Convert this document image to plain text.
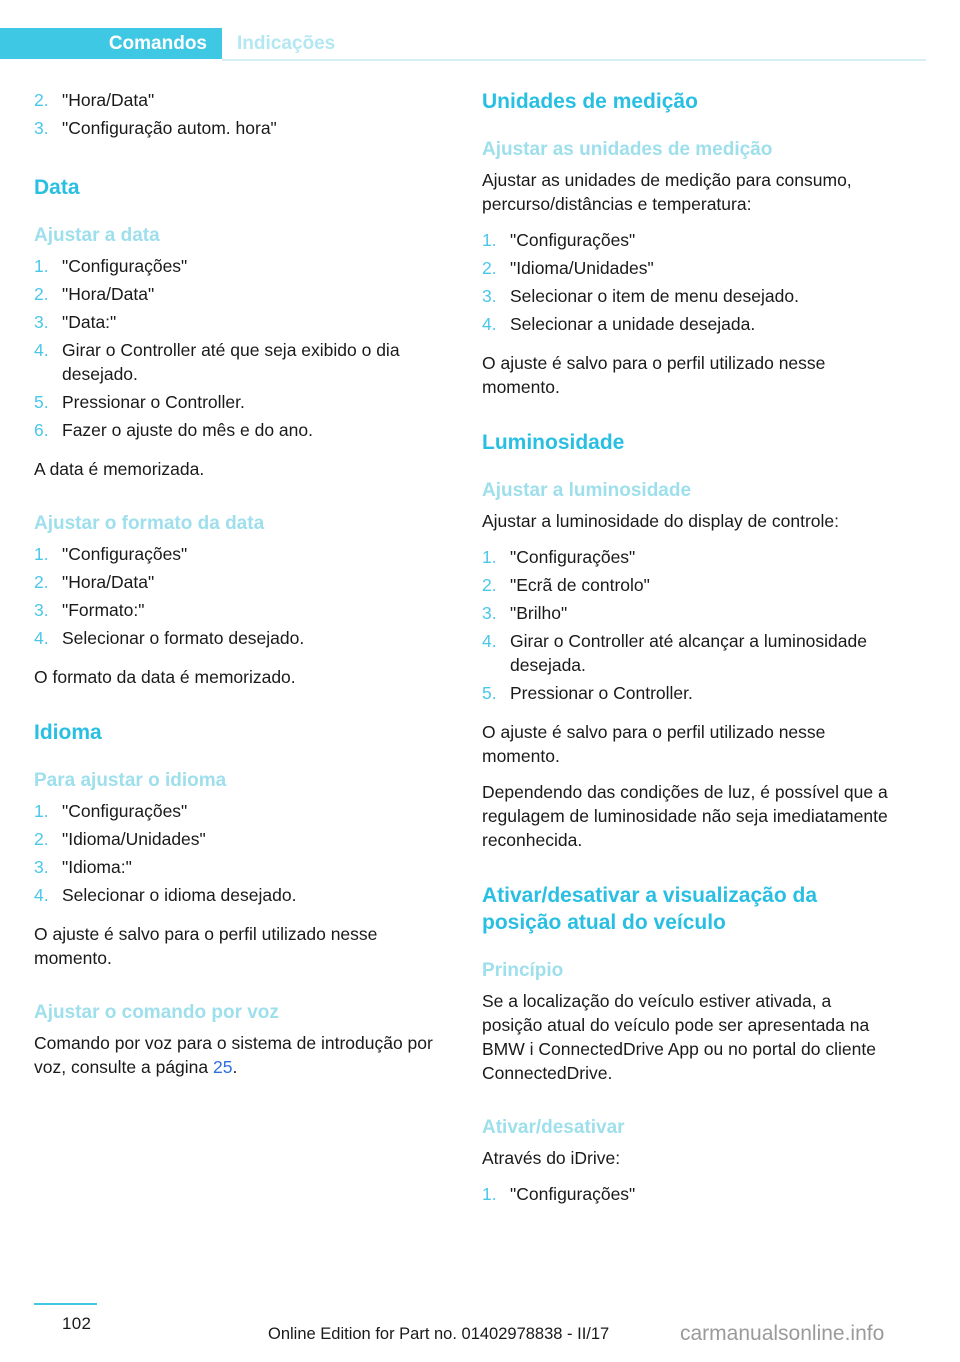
Comandos	Indicações
2. "Hora/Data"
3. "Configuração autom. hora"
Data
Ajustar a data
1. "Configurações"
2. "Hora/Data"
3. "Data:"
4. Girar o Controller até que seja exibido o dia desejado.
5. Pressionar o Controller.
6. Fazer o ajuste do mês e do ano.

A data é memorizada.

Ajustar o formato da data
1. "Configurações"
2. "Hora/Data"
3. "Formato:"
4. Selecionar o formato desejado.

O formato da data é memorizado.

Idioma
Para ajustar o idioma
1. "Configurações"
2. "Idioma/Unidades"
3. "Idioma:"
4. Selecionar o idioma desejado.

O ajuste é salvo para o perfil utilizado nesse momento.

Ajustar o comando por voz

Comando por voz para o sistema de introdução por voz, consulte a página 25.

Unidades de medição
Ajustar as unidades de medição

Ajustar as unidades de medição para consumo, percurso/distâncias e temperatura:

1. "Configurações"
2. "Idioma/Unidades"
3. Selecionar o item de menu desejado.
4. Selecionar a unidade desejada.

O ajuste é salvo para o perfil utilizado nesse momento.

Luminosidade
Ajustar a luminosidade

Ajustar a luminosidade do display de controle:

1. "Configurações"
2. "Ecrã de controlo"
3. "Brilho"
4. Girar o Controller até alcançar a luminosidade desejada.
5. Pressionar o Controller.

O ajuste é salvo para o perfil utilizado nesse momento.

Dependendo das condições de luz, é possível que a regulagem de luminosidade não seja imediatamente reconhecida.

Ativar/desativar a visualização da posição atual do veículo
Princípio

Se a localização do veículo estiver ativada, a posição atual do veículo pode ser apresentada na BMW i ConnectedDrive App ou no portal do cliente ConnectedDrive.

Ativar/desativar

Através do iDrive:

1. "Configurações"
102
Online Edition for Part no. 01402978838 - II/17	carmanualsonline.info
